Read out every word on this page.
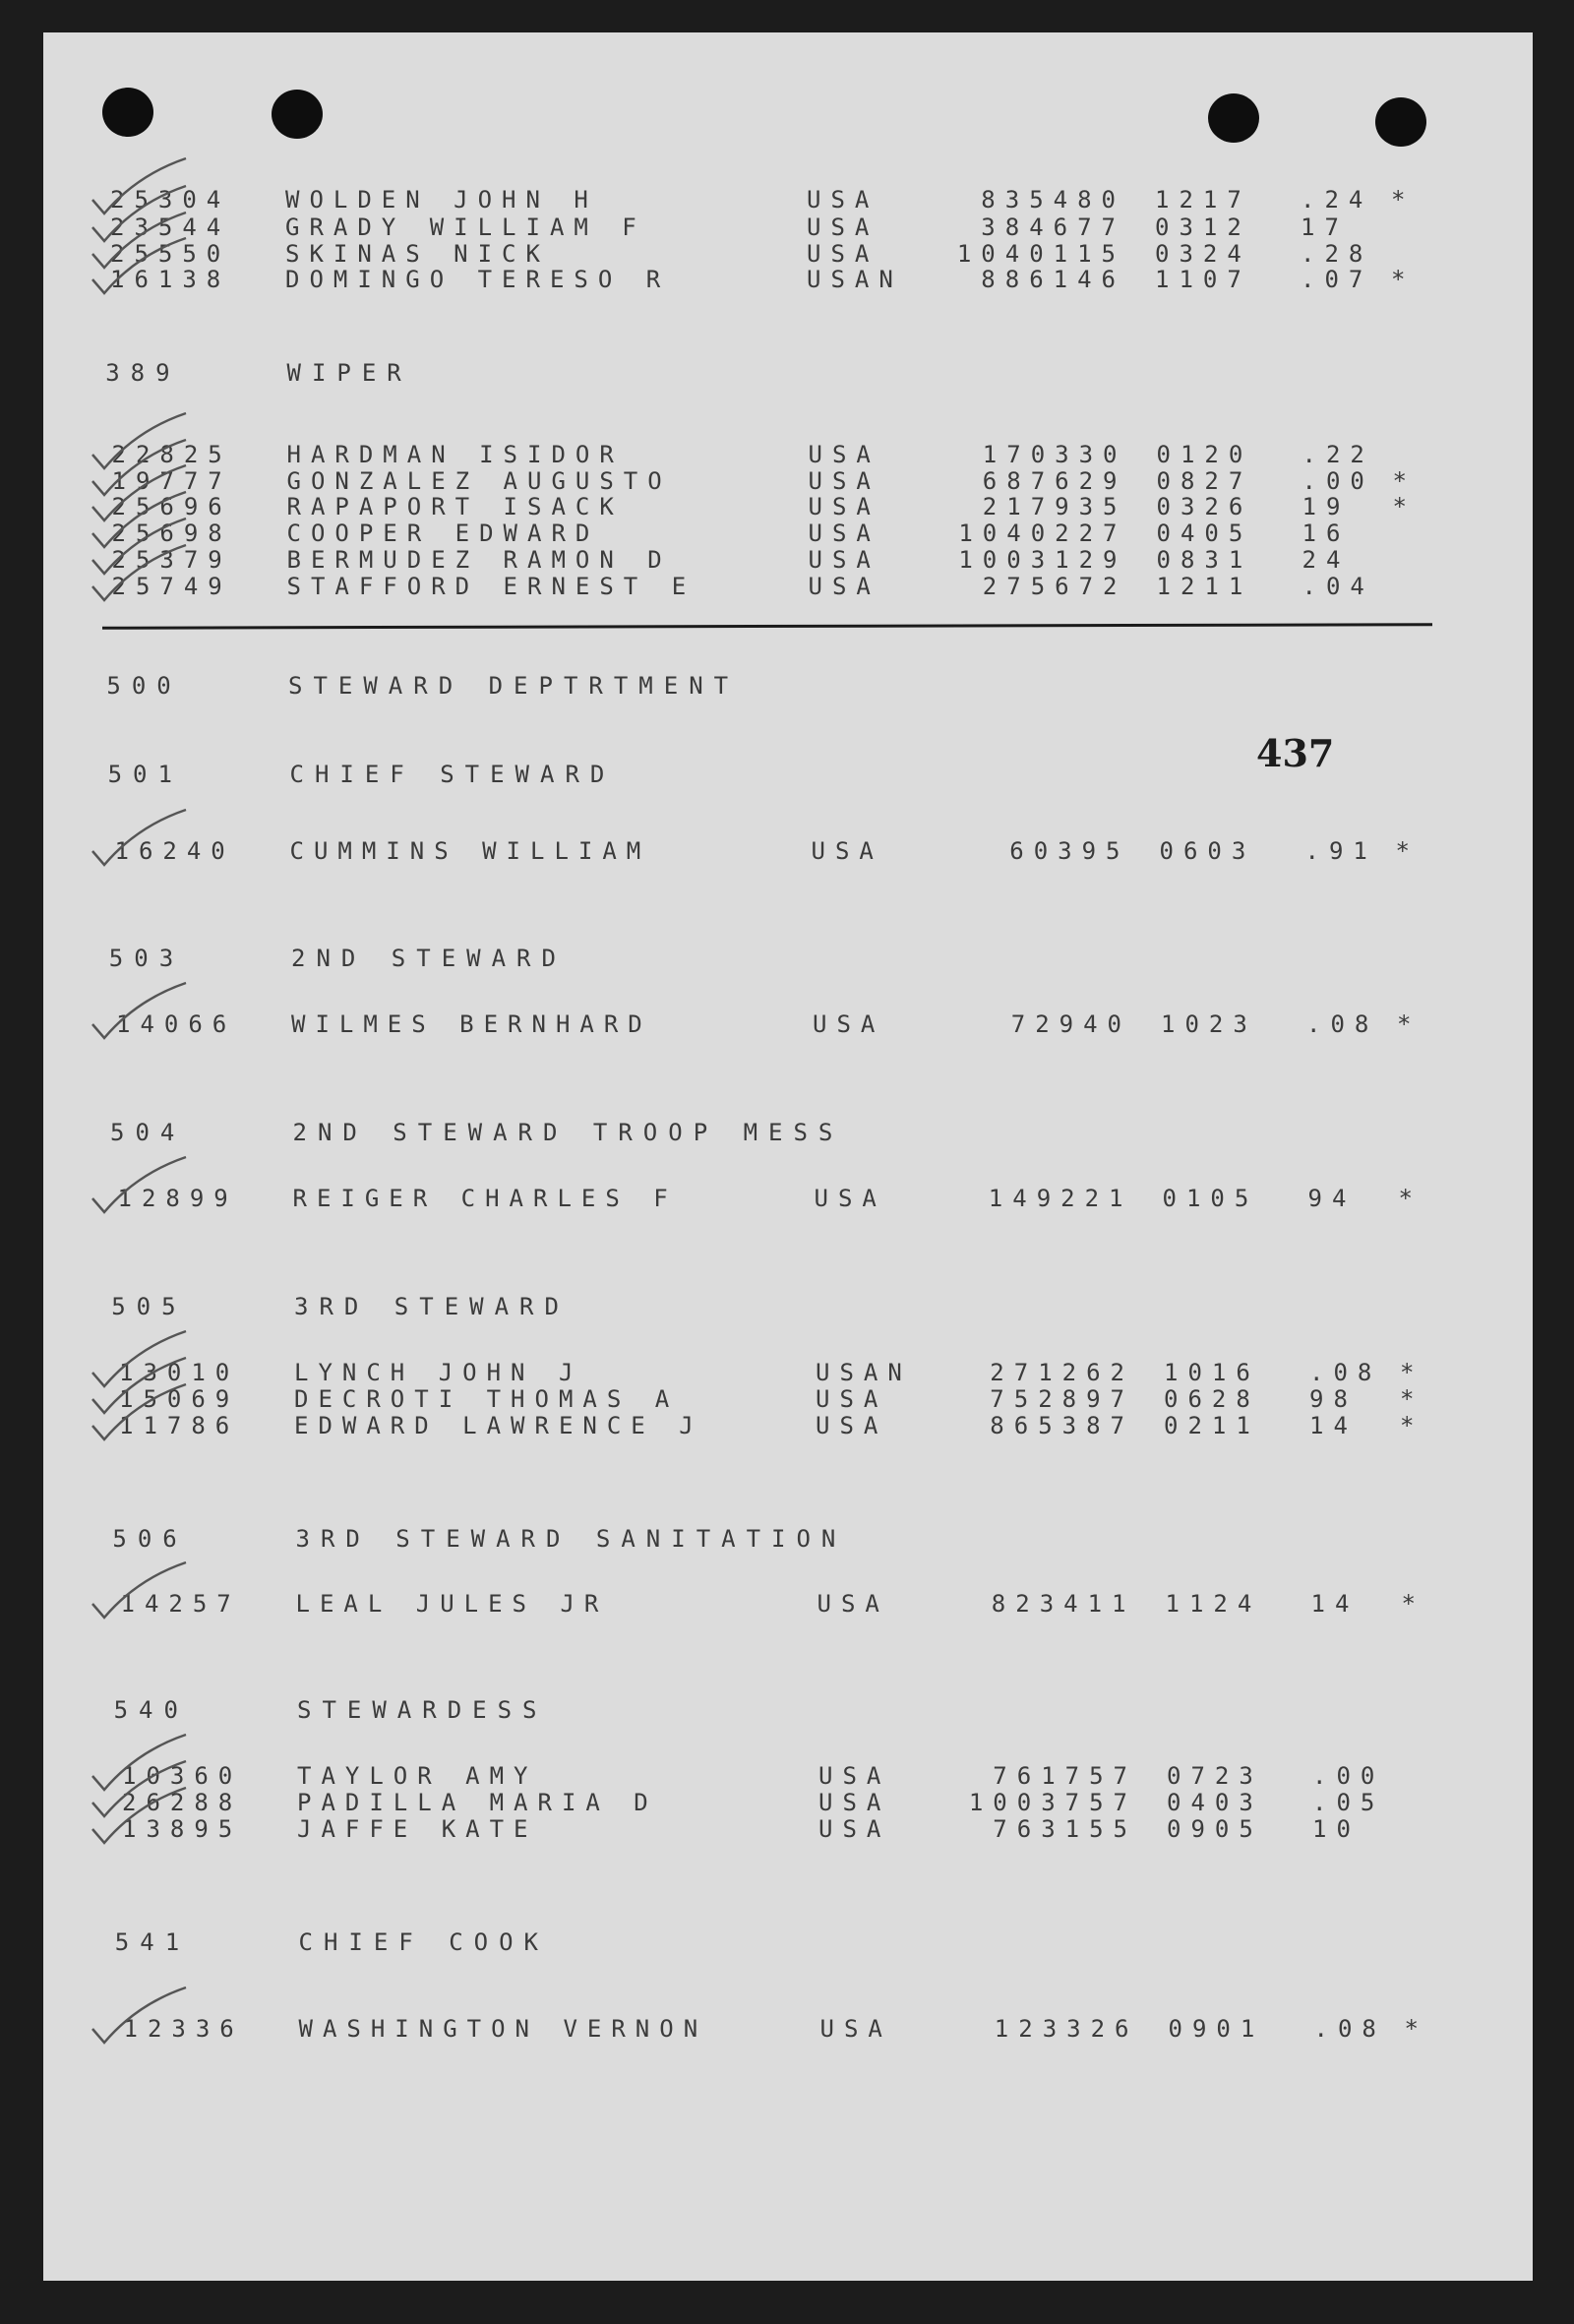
437
25304 WOLDEN JOHN H	USA	835480 1217 .24 *
23544 GRADY WILLIAM F	USA	384677 0312 17
25550 SKINAS NICK	USA	1040115 0324 .28
16138 DOMINGO TERESO R	USAN	886146 1107 .07 *
389	WIPER
22825 HARDMAN ISIDOR	USA	170330 0120 .22
19777 GONZALEZ AUGUSTO	USA	687629 0827 .00 *
25696 RAPAPORT ISACK	USA	217935 0326 19 *
25698 COOPER EDWARD	USA	1040227 0405 16
25379 BERMUDEZ RAMON D	USA	1003129 0831 24
25749 STAFFORD ERNEST E	USA	275672 1211 .04
500	STEWARD DEPTRTMENT
501	CHIEF STEWARD
16240 CUMMINS WILLIAM	USA	60395 0603 .91 *
503	2ND STEWARD
14066 WILMES BERNHARD	USA	72940 1023 .08 *
504	2ND STEWARD TROOP MESS
12899 REIGER CHARLES F	USA	149221 0105 94 *
505	3RD STEWARD
13010 LYNCH JOHN J	USAN	271262 1016 .08 *
15069 DECROTI THOMAS A	USA	752897 0628 98 *
11786 EDWARD LAWRENCE J	USA	865387 0211 14 *
506	3RD STEWARD SANITATION
14257 LEAL JULES JR	USA	823411 1124 14 *
540	STEWARDESS
10360 TAYLOR AMY	USA	761757 0723 .00
26288 PADILLA MARIA D	USA	1003757 0403 .05
13895 JAFFE KATE	USA	763155 0905 10
541	CHIEF COOK
12336 WASHINGTON VERNON	USA	123326 0901 .08 *
